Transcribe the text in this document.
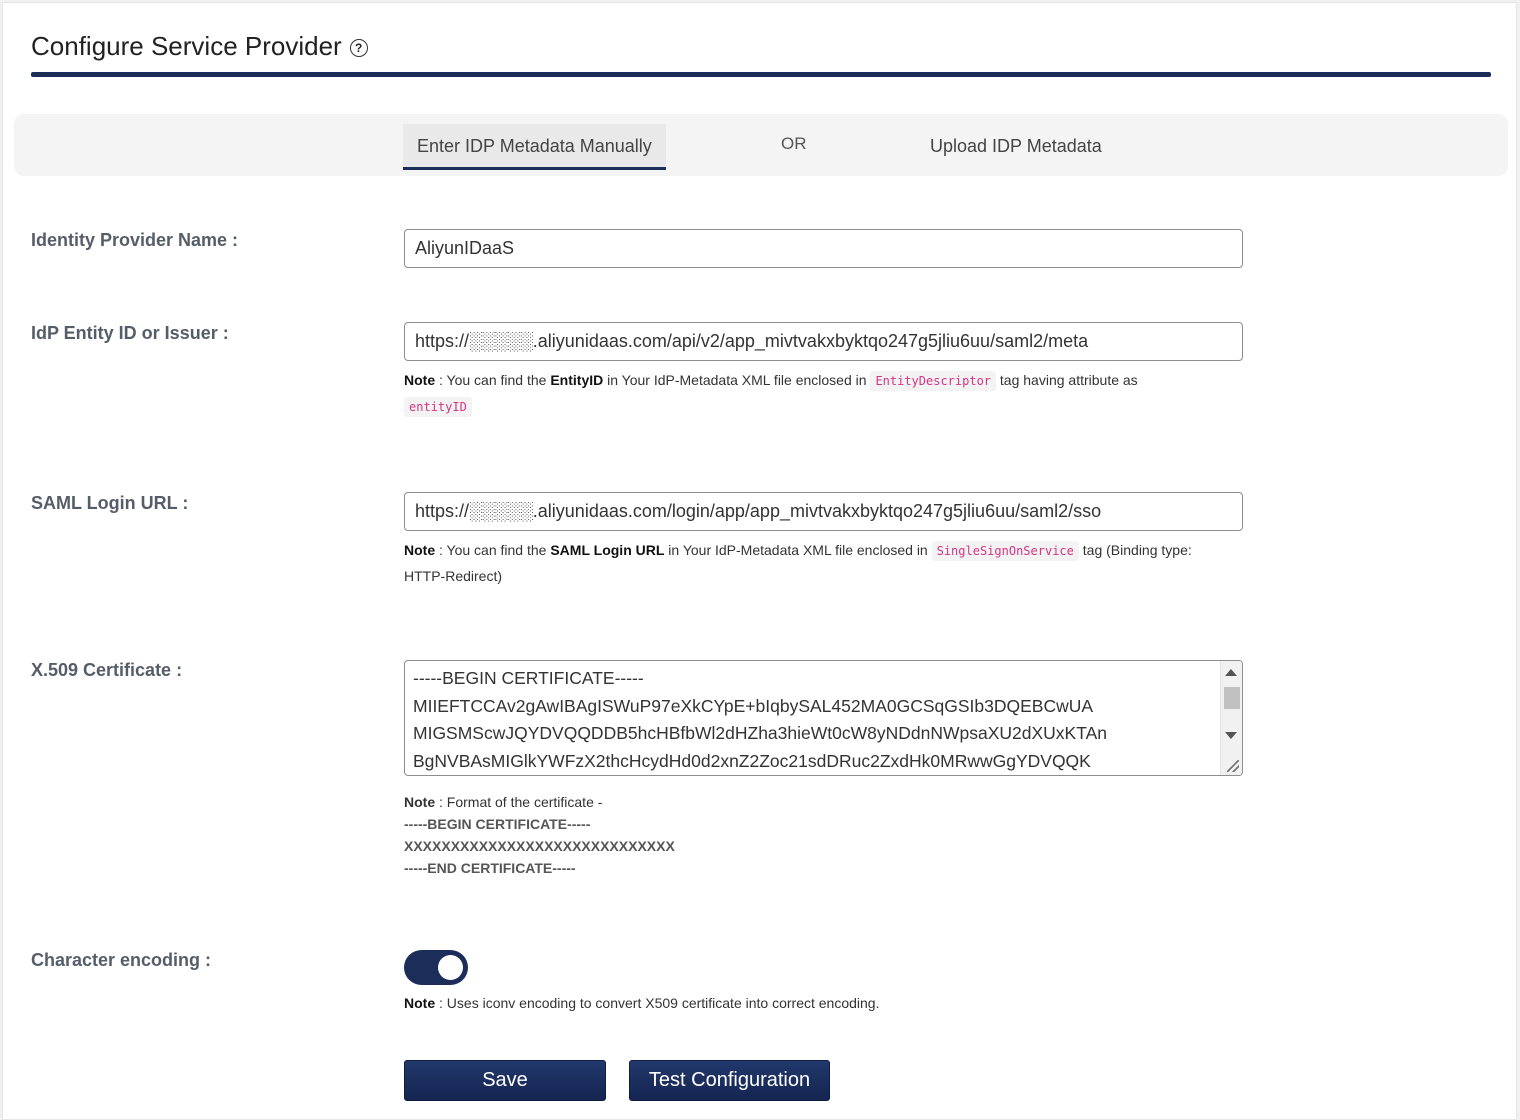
Configure Service Provider	?
Enter IDP Metadata Manually	OR	Upload IDP Metadata
Identity Provider Name :
AliyunIDaaS
IdP Entity ID or Issuer :
https://░░░░░.aliyunidaas.com/api/v2/app_mivtvakxbyktqo247g5jliu6uu/saml2/meta
Note : You can find the EntityID in Your IdP-Metadata XML file enclosed in EntityDescriptor tag having attribute as
entityID
SAML Login URL :
https://░░░░░.aliyunidaas.com/login/app/app_mivtvakxbyktqo247g5jliu6uu/saml2/sso
Note : You can find the SAML Login URL in Your IdP-Metadata XML file enclosed in SingleSignOnService tag (Binding type: HTTP-Redirect)
X.509 Certificate :	-----BEGIN CERTIFICATE-----
MIIEFTCCAv2gAwIBAgISWuP97eXkCYpE+bIqbySAL452MA0GCSqGSIb3DQEBCwUA
MIGSMScwJQYDVQQDDB5hcHBfbWl2dHZha3hieWt0cW8yNDdnNWpsaXU2dXUxKTAn
BgNVBAsMIGlkYWFzX2thcHcydHd0d2xnZ2Zoc21sdDRuc2ZxdHk0MRwwGgYDVQQK
Note : Format of the certificate -
-----BEGIN CERTIFICATE-----
XXXXXXXXXXXXXXXXXXXXXXXXXXXXX
-----END CERTIFICATE-----
Character encoding :
Note : Uses iconv encoding to convert X509 certificate into correct encoding.
Save	Test Configuration
